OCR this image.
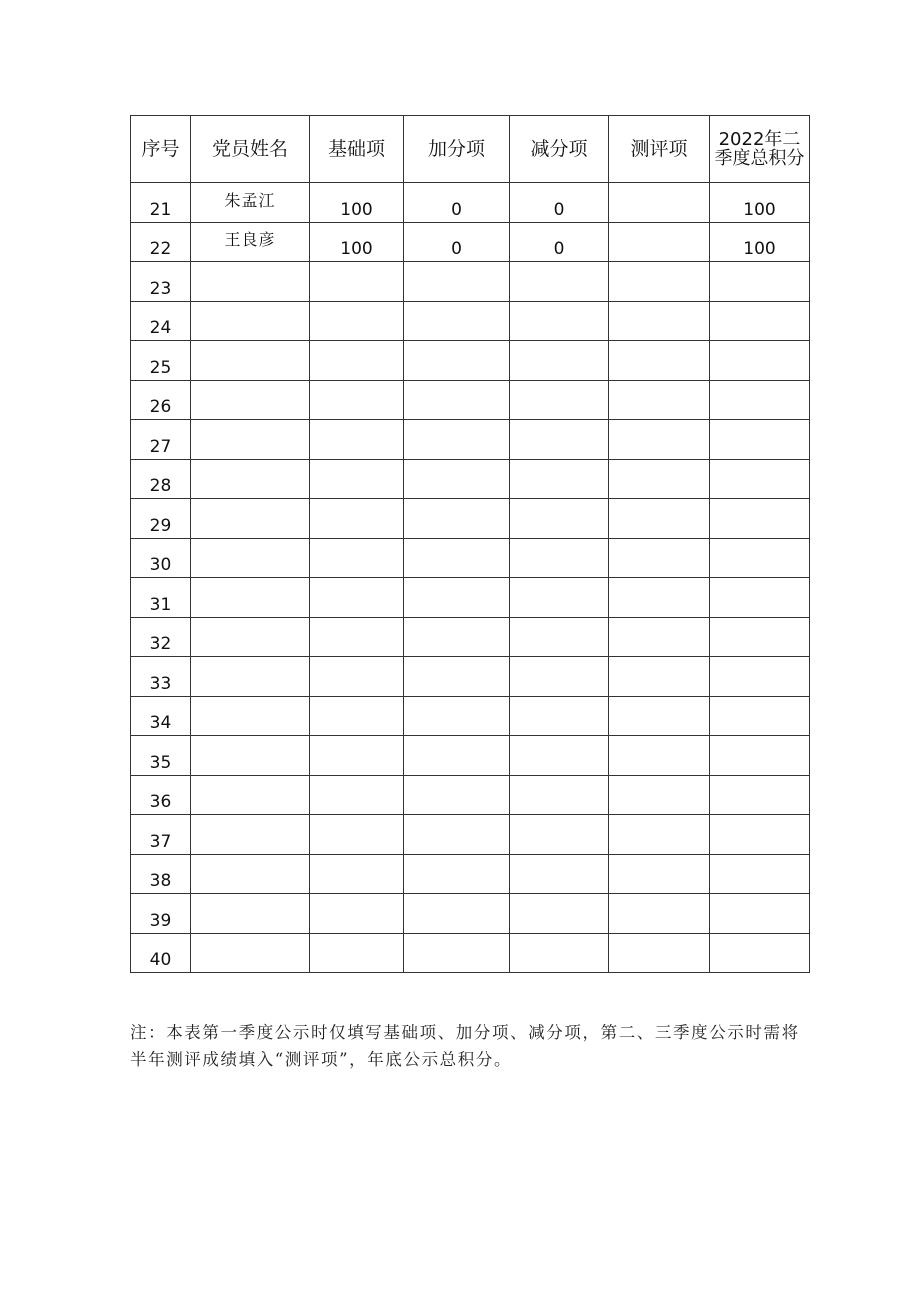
序号	党员姓名	基础项	加分项	减分项	测评项	2022年二季度总积分
21	朱孟江	100	0	0		100
22	王良彦	100	0	0		100
23						
24						
25						
26						
27						
28						
29						
30						
31						
32						
33						
34						
35						
36						
37						
38						
39						
40						

注：本表第一季度公示时仅填写基础项、加分项、减分项，第二、三季度公示时需将半年测评成绩填入“测评项”，年底公示总积分。
